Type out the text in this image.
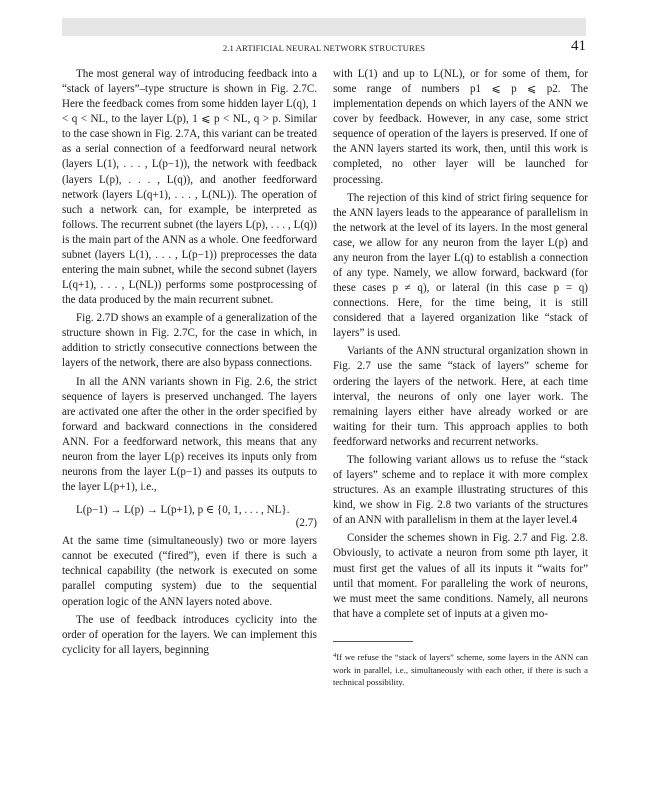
2.1 ARTIFICIAL NEURAL NETWORK STRUCTURES	41

The most general way of introducing feedback into a “stack of layers”–type structure is shown in Fig. 2.7C. Here the feedback comes from some hidden layer L(q), 1 < q < NL, to the layer L(p), 1 ⩽ p < NL, q > p. Similar to the case shown in Fig. 2.7A, this variant can be treated as a serial connection of a feedforward neural network (layers L(1), . . . , L(p−1)), the network with feedback (layers L(p), . . . , L(q)), and another feedforward network (layers L(q+1), . . . , L(NL)). The operation of such a network can, for example, be interpreted as follows. The recurrent subnet (the layers L(p), . . . , L(q)) is the main part of the ANN as a whole. One feedforward subnet (layers L(1), . . . , L(p−1)) preprocesses the data entering the main subnet, while the second subnet (layers L(q+1), . . . , L(NL)) performs some postprocessing of the data produced by the main recurrent subnet.

Fig. 2.7D shows an example of a generalization of the structure shown in Fig. 2.7C, for the case in which, in addition to strictly consecutive connections between the layers of the network, there are also bypass connections.

In all the ANN variants shown in Fig. 2.6, the strict sequence of layers is preserved unchanged. The layers are activated one after the other in the order specified by forward and backward connections in the considered ANN. For a feedforward network, this means that any neuron from the layer L(p) receives its inputs only from neurons from the layer L(p−1) and passes its outputs to the layer L(p+1), i.e.,

L(p−1) → L(p) → L(p+1), p ∈ {0, 1, . . . , NL}.
(2.7)

At the same time (simultaneously) two or more layers cannot be executed (“fired”), even if there is such a technical capability (the network is executed on some parallel computing system) due to the sequential operation logic of the ANN layers noted above.

The use of feedback introduces cyclicity into the order of operation for the layers. We can implement this cyclicity for all layers, beginning

with L(1) and up to L(NL), or for some of them, for some range of numbers p1 ⩽ p ⩽ p2. The implementation depends on which layers of the ANN we cover by feedback. However, in any case, some strict sequence of operation of the layers is preserved. If one of the ANN layers started its work, then, until this work is completed, no other layer will be launched for processing.

The rejection of this kind of strict firing sequence for the ANN layers leads to the appearance of parallelism in the network at the level of its layers. In the most general case, we allow for any neuron from the layer L(p) and any neuron from the layer L(q) to establish a connection of any type. Namely, we allow forward, backward (for these cases p ≠ q), or lateral (in this case p = q) connections. Here, for the time being, it is still considered that a layered organization like “stack of layers” is used.

Variants of the ANN structural organization shown in Fig. 2.7 use the same “stack of layers” scheme for ordering the layers of the network. Here, at each time interval, the neurons of only one layer work. The remaining layers either have already worked or are waiting for their turn. This approach applies to both feedforward networks and recurrent networks.

The following variant allows us to refuse the “stack of layers” scheme and to replace it with more complex structures. As an example illustrating structures of this kind, we show in Fig. 2.8 two variants of the structures of an ANN with parallelism in them at the layer level.4

Consider the schemes shown in Fig. 2.7 and Fig. 2.8. Obviously, to activate a neuron from some pth layer, it must first get the values of all its inputs it “waits for” until that moment. For paralleling the work of neurons, we must meet the same conditions. Namely, all neurons that have a complete set of inputs at a given mo-

$^4$If we refuse the “stack of layers” scheme, some layers in the ANN can work in parallel, i.e., simultaneously with each other, if there is such a technical possibility.
